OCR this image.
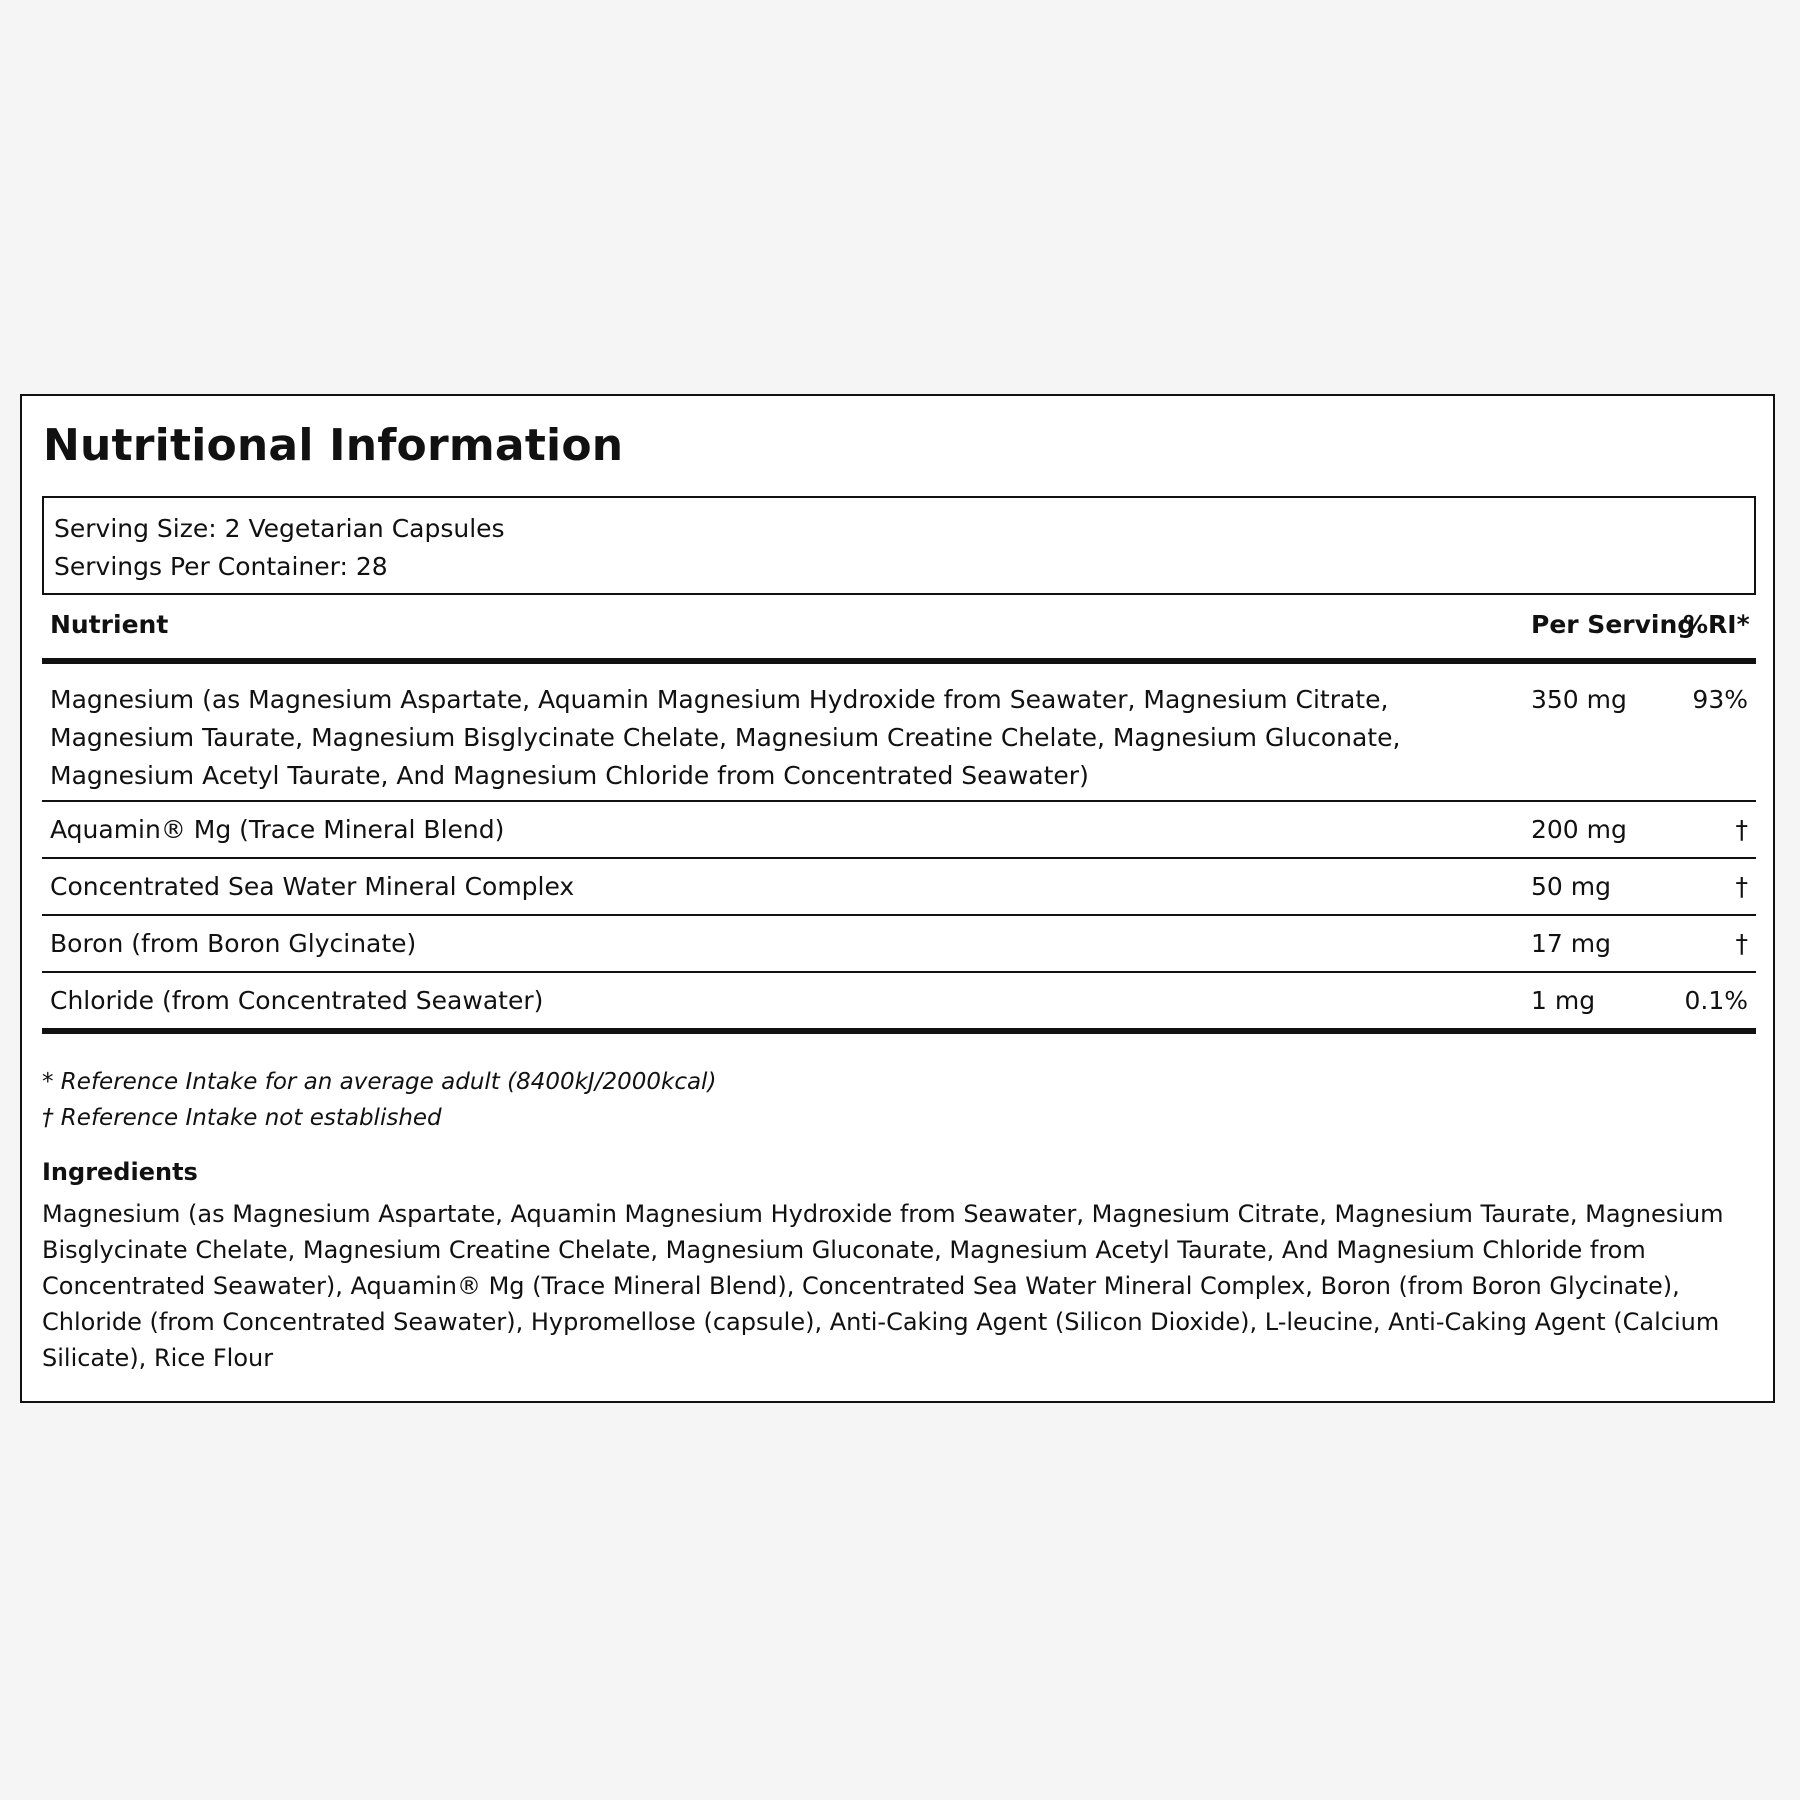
Nutritional Information
Serving Size: 2 Vegetarian Capsules
Servings Per Container: 28
Nutrient	Per Serving	%RI*
Magnesium (as Magnesium Aspartate, Aquamin Magnesium Hydroxide from Seawater, Magnesium Citrate, Magnesium Taurate, Magnesium Bisglycinate Chelate, Magnesium Creatine Chelate, Magnesium Gluconate, Magnesium Acetyl Taurate, And Magnesium Chloride from Concentrated Seawater)	350 mg	93%
Aquamin® Mg (Trace Mineral Blend)	200 mg	†
Concentrated Sea Water Mineral Complex	50 mg	†
Boron (from Boron Glycinate)	17 mg	†
Chloride (from Concentrated Seawater)	1 mg	0.1%
* Reference Intake for an average adult (8400kJ/2000kcal)
† Reference Intake not established
Ingredients

Magnesium (as Magnesium Aspartate, Aquamin Magnesium Hydroxide from Seawater, Magnesium Citrate, Magnesium Taurate, Magnesium Bisglycinate Chelate, Magnesium Creatine Chelate, Magnesium Gluconate, Magnesium Acetyl Taurate, And Magnesium Chloride from Concentrated Seawater), Aquamin® Mg (Trace Mineral Blend), Concentrated Sea Water Mineral Complex, Boron (from Boron Glycinate), Chloride (from Concentrated Seawater), Hypromellose (capsule), Anti-Caking Agent (Silicon Dioxide), L-leucine, Anti-Caking Agent (Calcium Silicate), Rice Flour
